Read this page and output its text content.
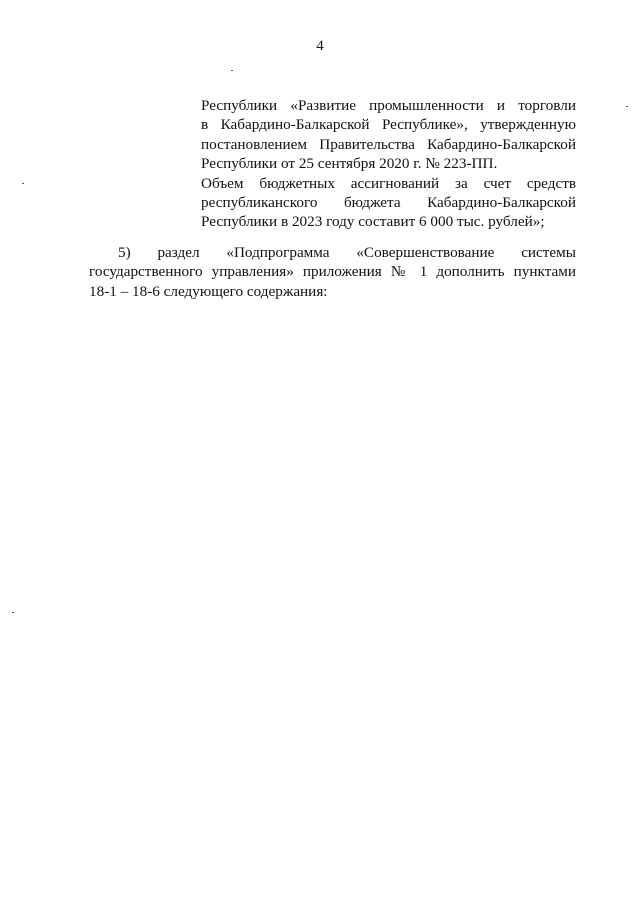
4
Республики «Развитие промышленности и торговли
в Кабардино-Балкарской Республике», утвержденную
постановлением Правительства Кабардино-Балкарской
Республики от 25 сентября 2020 г. № 223-ПП.
Объем бюджетных ассигнований за счет средств
республиканского бюджета Кабардино-Балкарской
Республики в 2023 году составит 6 000 тыс. рублей»;
5) раздел «Подпрограмма «Совершенствование системы
государственного управления» приложения № 1 дополнить пунктами
18-1 – 18-6 следующего содержания:
